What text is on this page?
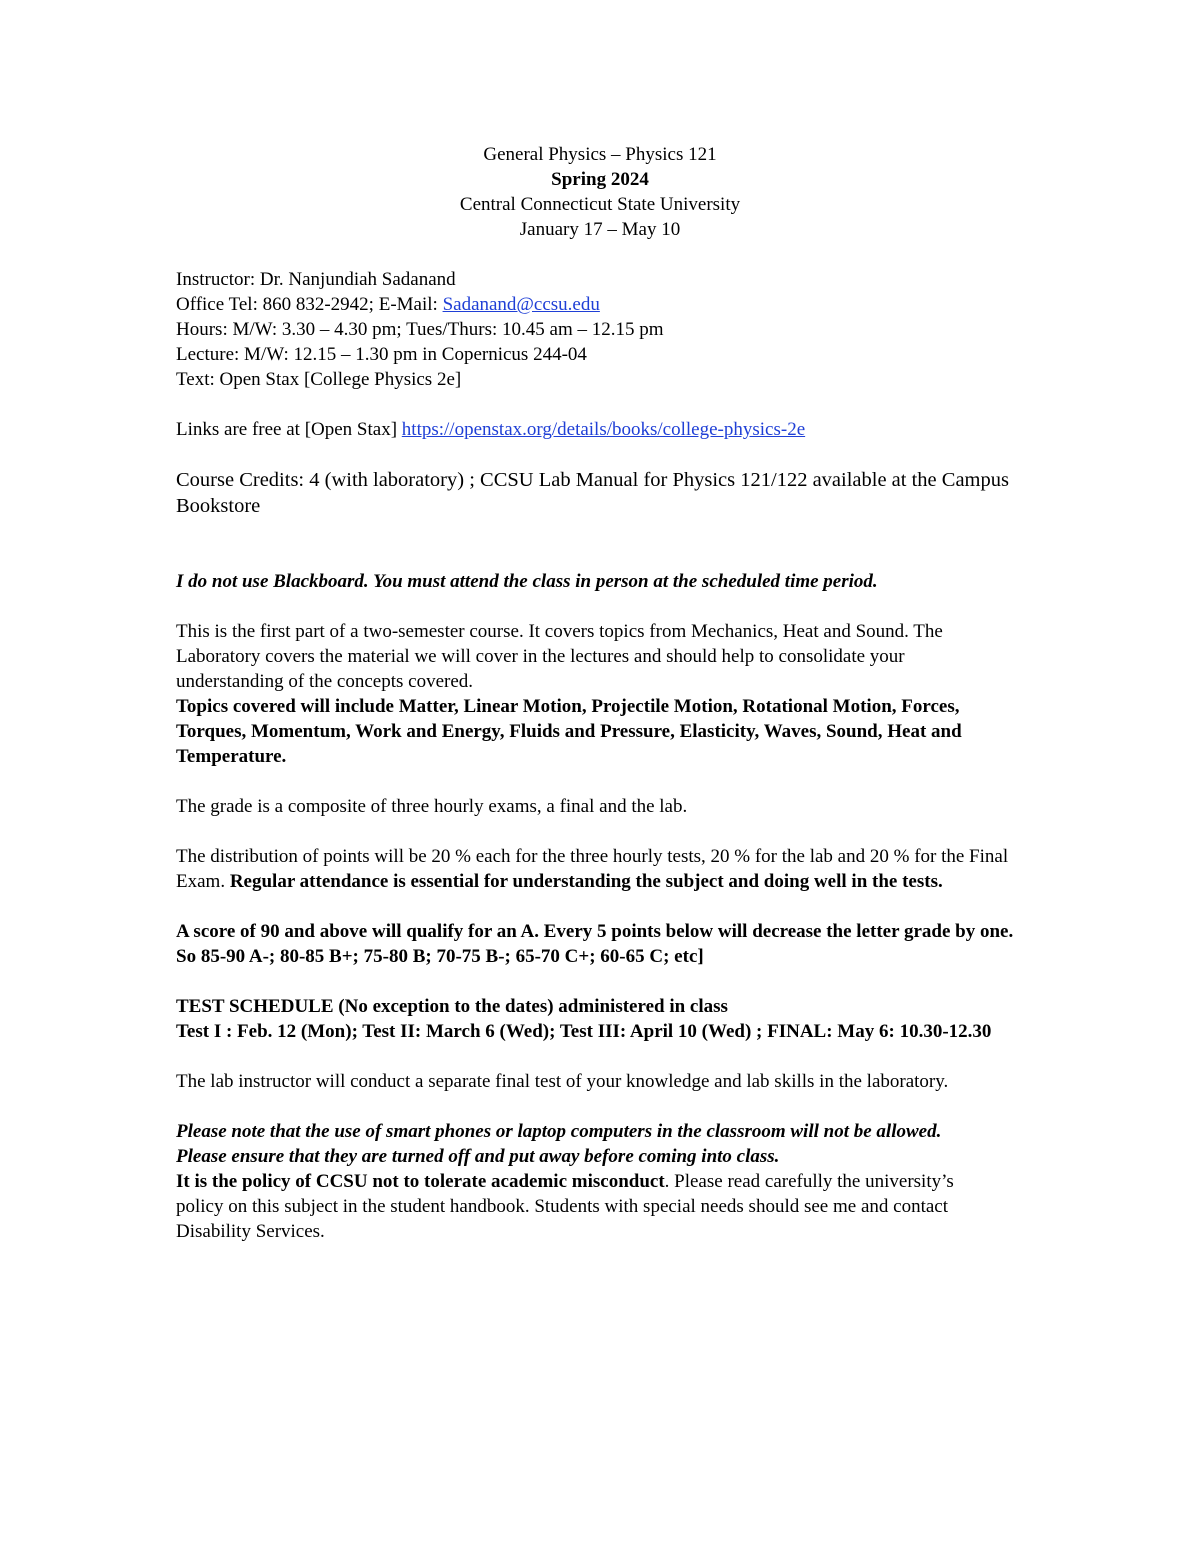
General Physics – Physics 121
Spring 2024
Central Connecticut State University
January 17 – May 10
Instructor: Dr. Nanjundiah Sadanand
Office Tel: 860 832-2942; E-Mail: Sadanand@ccsu.edu
Hours: M/W: 3.30 – 4.30 pm; Tues/Thurs: 10.45 am – 12.15 pm
Lecture: M/W: 12.15 – 1.30 pm in Copernicus 244-04
Text: Open Stax [College Physics 2e]
Links are free at [Open Stax] https://openstax.org/details/books/college-physics-2e

Course Credits: 4 (with laboratory) ; CCSU Lab Manual for Physics 121/122 available at the Campus Bookstore

I do not use Blackboard. You must attend the class in person at the scheduled time period.

This is the first part of a two-semester course. It covers topics from Mechanics, Heat and Sound. The Laboratory covers the material we will cover in the lectures and should help to consolidate your understanding of the concepts covered.

Topics covered will include Matter, Linear Motion, Projectile Motion, Rotational Motion, Forces, Torques, Momentum, Work and Energy, Fluids and Pressure, Elasticity, Waves, Sound, Heat and Temperature.

The grade is a composite of three hourly exams, a final and the lab.

The distribution of points will be 20 % each for the three hourly tests, 20 % for the lab and 20 % for the Final Exam. Regular attendance is essential for understanding the subject and doing well in the tests.

A score of 90 and above will qualify for an A. Every 5 points below will decrease the letter grade by one. So 85-90 A-; 80-85 B+; 75-80 B; 70-75 B-; 65-70 C+; 60-65 C; etc]

TEST SCHEDULE (No exception to the dates) administered in class

Test I : Feb. 12 (Mon); Test II: March 6 (Wed); Test III: April 10 (Wed) ; FINAL: May 6: 10.30-12.30

The lab instructor will conduct a separate final test of your knowledge and lab skills in the laboratory.

Please note that the use of smart phones or laptop computers in the classroom will not be allowed. Please ensure that they are turned off and put away before coming into class.

It is the policy of CCSU not to tolerate academic misconduct. Please read carefully the university’s policy on this subject in the student handbook. Students with special needs should see me and contact Disability Services.
